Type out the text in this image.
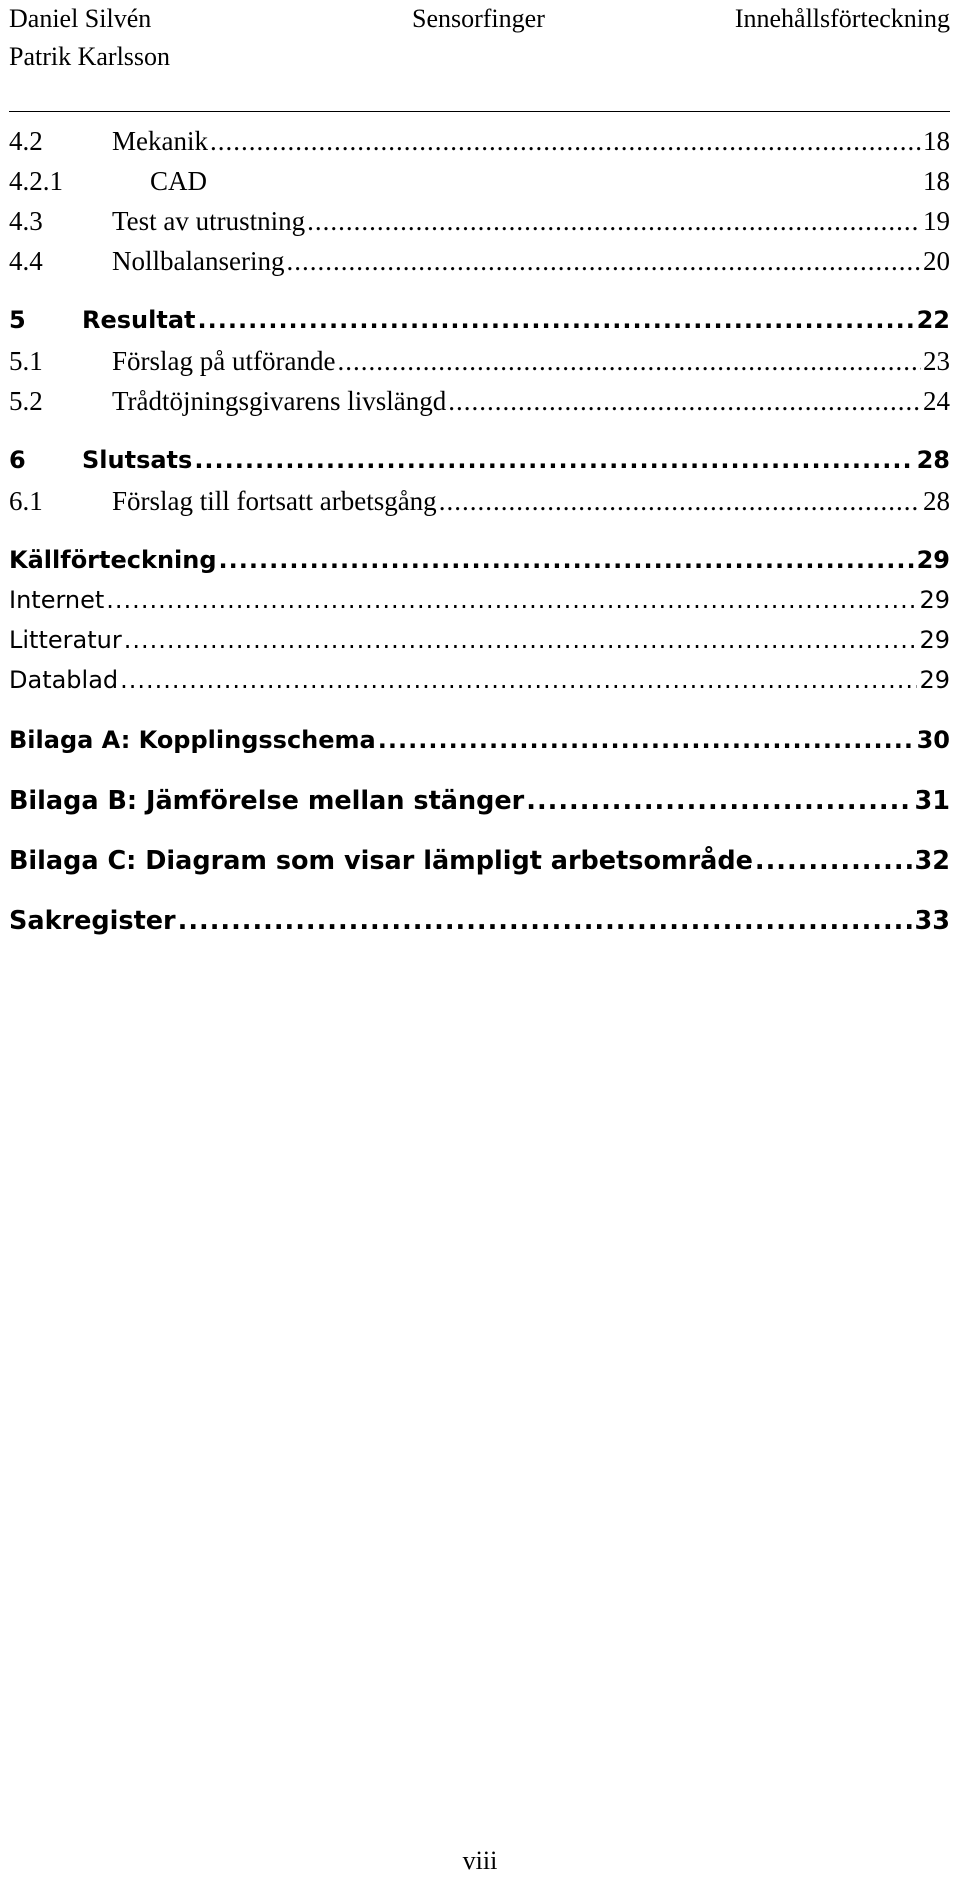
Daniel Silvén
Patrik Karlsson
Sensorfinger	Innehållsförteckning
4.2	Mekanik .....	18
4.2.1	CAD	18
4.3	Test av utrustning .....	19
4.4	Nollbalansering .....	20
5	Resultat .....	22
5.1	Förslag på utförande .....	23
5.2	Trådtöjningsgivarens livslängd .....	24
6	Slutsats .....	28
6.1	Förslag till fortsatt arbetsgång .....	28
Källförteckning .....	29
Internet .....	29
Litteratur .....	29
Datablad .....	29
Bilaga A: Kopplingsschema .....	30
Bilaga B: Jämförelse mellan stänger .....	31
Bilaga C: Diagram som visar lämpligt arbetsområde .....	32
Sakregister .....	33
viii
